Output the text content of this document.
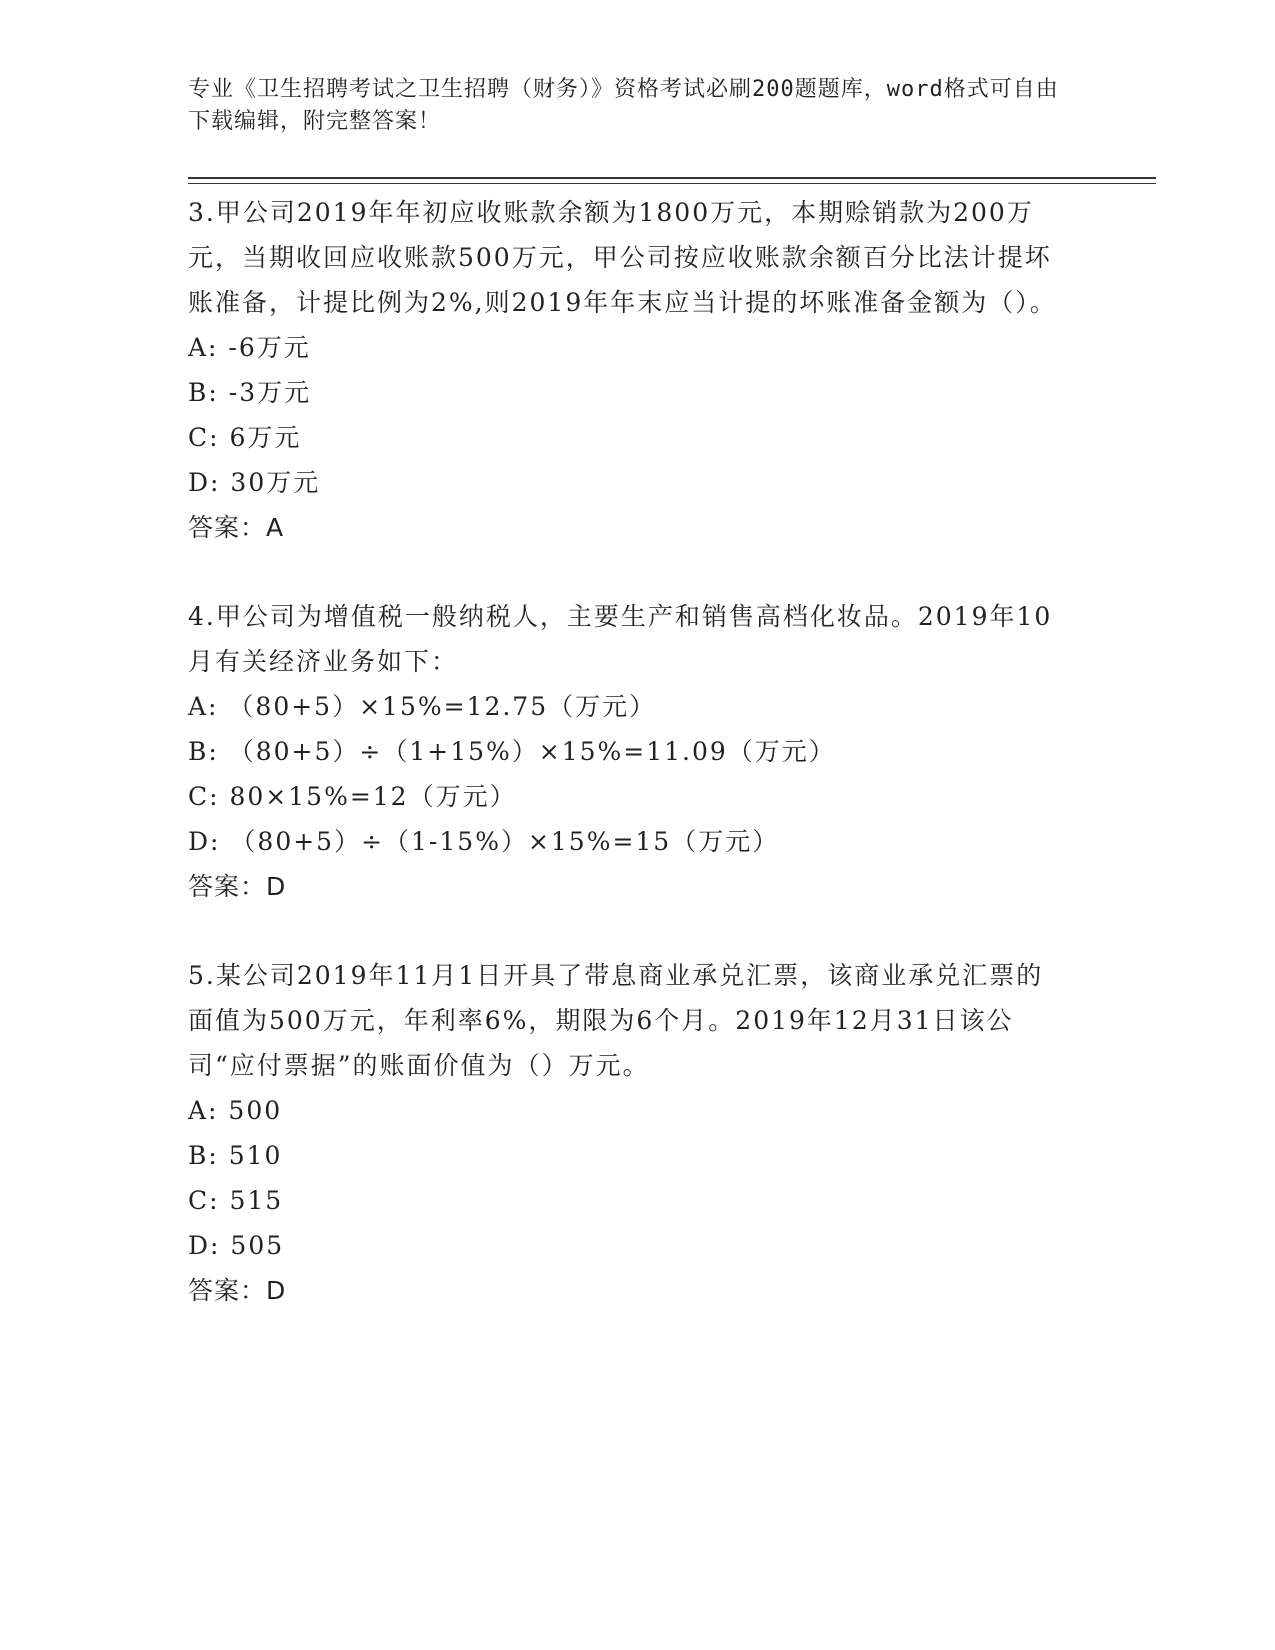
专业《卫生招聘考试之卫生招聘（财务）》资格考试必刷200题题库，word格式可自由下载编辑，附完整答案！

3.甲公司2019年年初应收账款余额为1800万元，本期赊销款为200万元，当期收回应收账款500万元，甲公司按应收账款余额百分比法计提坏账准备，计提比例为2%,则2019年年末应当计提的坏账准备金额为（）。

A: -6万元

B: -3万元

C: 6万元

D: 30万元

答案：A

4.甲公司为增值税一般纳税人，主要生产和销售高档化妆品。2019年10月有关经济业务如下：

A: （80+5）×15%=12.75（万元）

B: （80+5）÷（1+15%）×15%=11.09（万元）

C: 80×15%=12（万元）

D: （80+5）÷（1-15%）×15%=15（万元）

答案：D

5.某公司2019年11月1日开具了带息商业承兑汇票，该商业承兑汇票的面值为500万元，年利率6%，期限为6个月。2019年12月31日该公司“应付票据”的账面价值为（）万元。

A: 500

B: 510

C: 515

D: 505

答案：D
